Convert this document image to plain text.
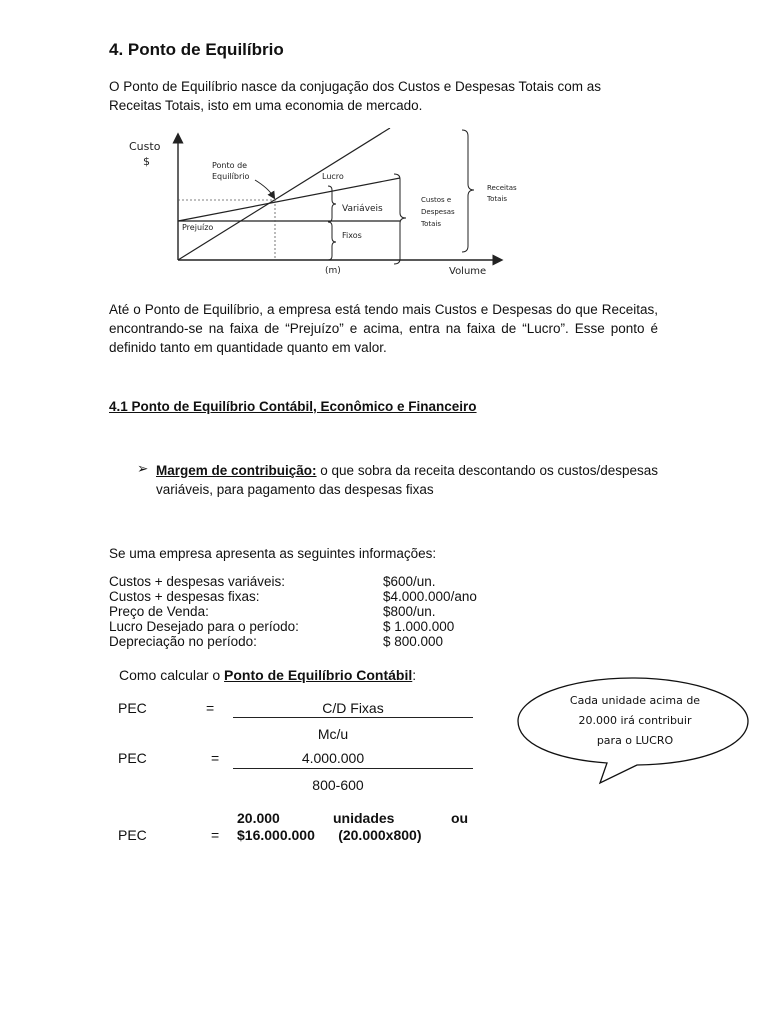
4. Ponto de Equilíbrio
O Ponto de Equilíbrio nasce da conjugação dos Custos e Despesas Totais com as Receitas Totais, isto em uma economia de mercado.
Custo
$	Ponto de
Equilíbrio	Lucro
Prejuízo
Variáveis
Fixos
Custos e
Despesas
Totais
Receitas
Totais
(m)	Volume
Até o Ponto de Equilíbrio, a empresa está tendo mais Custos e Despesas do que Receitas, encontrando-se na faixa de “Prejuízo” e acima, entra na faixa de “Lucro”. Esse ponto é definido tanto em quantidade quanto em valor.
4.1 Ponto de Equilíbrio Contábil, Econômico e Financeiro
➢ Margem de contribuição: o que sobra da receita descontando os custos/despesas variáveis, para pagamento das despesas fixas
Se uma empresa apresenta as seguintes informações:
Custos + despesas variáveis:	$600/un.
Custos + despesas fixas:	$4.000.000/ano
Preço de Venda:	$800/un.
Lucro Desejado para o período:	$ 1.000.000
Depreciação no período:	$ 800.000
Como calcular o Ponto de Equilíbrio Contábil:
PEC	=	C/D Fixas
Mc/u
PEC	=	4.000.000
800-600
20.000	unidades	ou
PEC	= $16.000.000      (20.000x800)
Cada unidade acima de
20.000 irá contribuir
para o LUCRO
